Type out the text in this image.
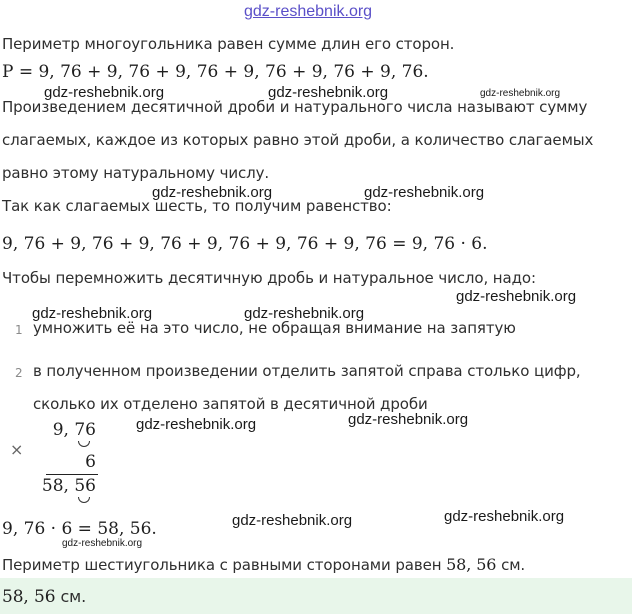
gdz-reshebnik.org
Периметр многоугольника равен сумме длин его сторон.
P = 9, 76 + 9, 76 + 9, 76 + 9, 76 + 9, 76 + 9, 76.
gdz-reshebnik.org	gdz-reshebnik.org	gdz-reshebnik.org
Произведением десятичной дроби и натурального числа называют сумму
слагаемых, каждое из которых равно этой дроби, а количество слагаемых
равно этому натуральному числу.
gdz-reshebnik.org	gdz-reshebnik.org
Так как слагаемых шесть, то получим равенство:
9, 76 + 9, 76 + 9, 76 + 9, 76 + 9, 76 + 9, 76 = 9, 76 · 6.
Чтобы перемножить десятичную дробь и натуральное число, надо:
gdz-reshebnik.org
gdz-reshebnik.org	gdz-reshebnik.org
1 умножить её на это число, не обращая внимание на запятую
2 в полученном произведении отделить запятой справа столько цифр,
сколько их отделено запятой в десятичной дроби
×
9, 76
6
58, 56
gdz-reshebnik.org	gdz-reshebnik.org
9, 76 · 6 = 58, 56.	gdz-reshebnik.org	gdz-reshebnik.org
gdz-reshebnik.org
Периметр шестиугольника с равными сторонами равен 58, 56 см.
58, 56 см.
